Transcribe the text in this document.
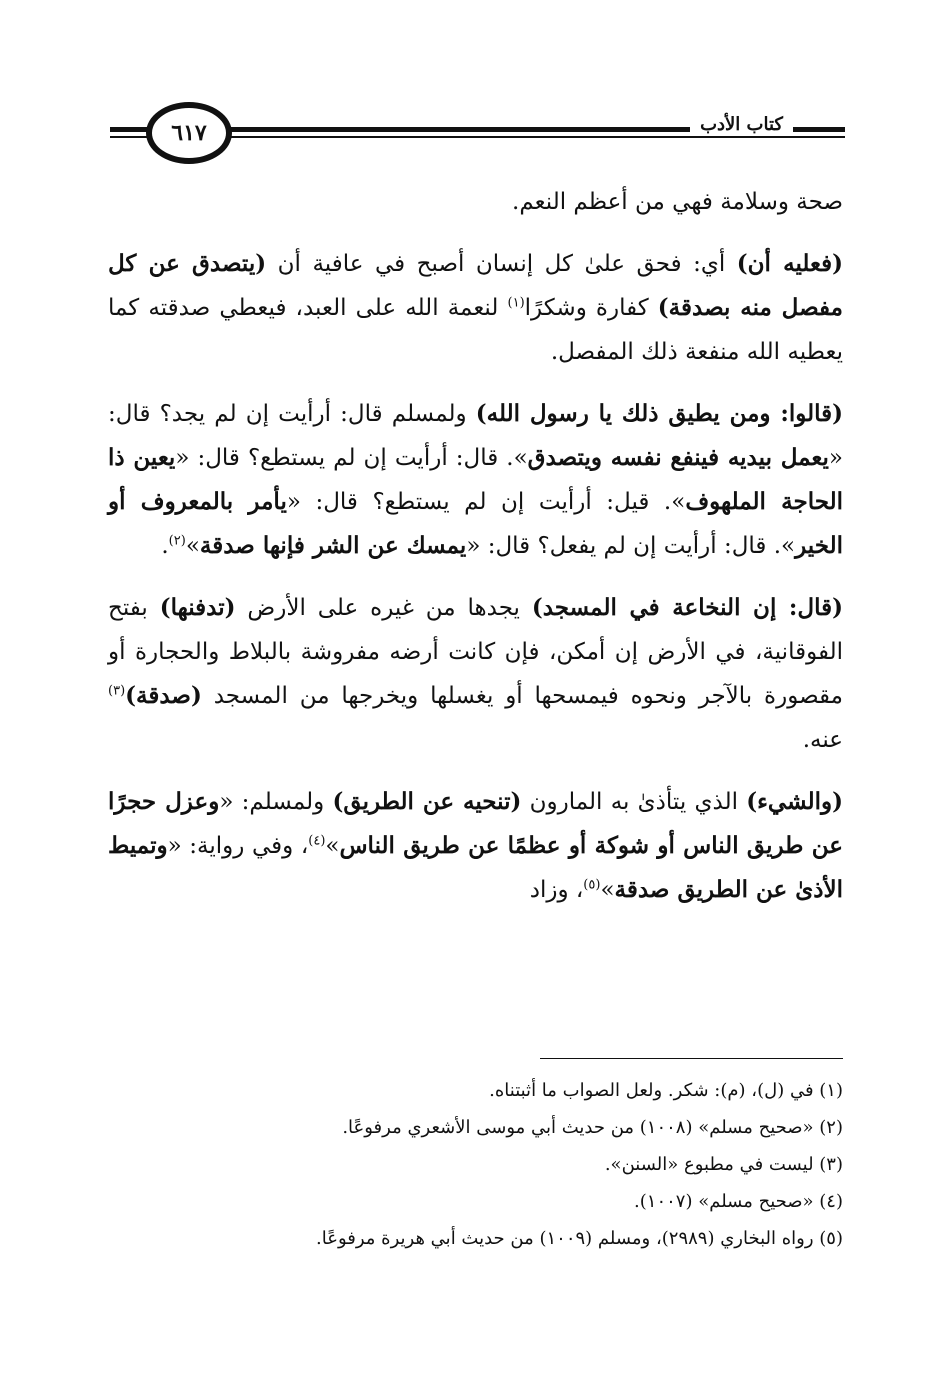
٦١٧	كتاب الأدب

صحة وسلامة فهي من أعظم النعم.

(فعليه أن) أي: فحق علىٰ كل إنسان أصبح في عافية أن (يتصدق عن كل مفصل منه بصدقة) كفارة وشكرًا$^{(١)}$ لنعمة الله على العبد، فيعطي صدقته كما يعطيه الله منفعة ذلك المفصل.

(قالوا: ومن يطيق ذلك يا رسول الله) ولمسلم قال: أرأيت إن لم يجد؟ قال: «يعمل بيديه فينفع نفسه ويتصدق». قال: أرأيت إن لم يستطع؟ قال: «يعين ذا الحاجة الملهوف». قيل: أرأيت إن لم يستطع؟ قال: «يأمر بالمعروف أو الخير». قال: أرأيت إن لم يفعل؟ قال: «يمسك عن الشر فإنها صدقة»$^{(٢)}$.

(قال: إن النخاعة في المسجد) يجدها من غيره على الأرض (تدفنها) بفتح الفوقانية، في الأرض إن أمكن، فإن كانت أرضه مفروشة بالبلاط والحجارة أو مقصورة بالآجر ونحوه فيمسحها أو يغسلها ويخرجها من المسجد (صدقة)$^{(٣)}$ عنه.

(والشيء) الذي يتأذىٰ به المارون (تنحيه عن الطريق) ولمسلم: «وعزل حجرًا عن طريق الناس أو شوكة أو عظمًا عن طريق الناس»$^{(٤)}$، وفي رواية: «وتميط الأذىٰ عن الطريق صدقة»$^{(٥)}$، وزاد

(١) في (ل)، (م): شكر. ولعل الصواب ما أثبتناه.
(٢) «صحيح مسلم» (١٠٠٨) من حديث أبي موسى الأشعري مرفوعًا.
(٣) ليست في مطبوع «السنن».
(٤) «صحيح مسلم» (١٠٠٧).
(٥) رواه البخاري (٢٩٨٩)، ومسلم (١٠٠٩) من حديث أبي هريرة مرفوعًا.
